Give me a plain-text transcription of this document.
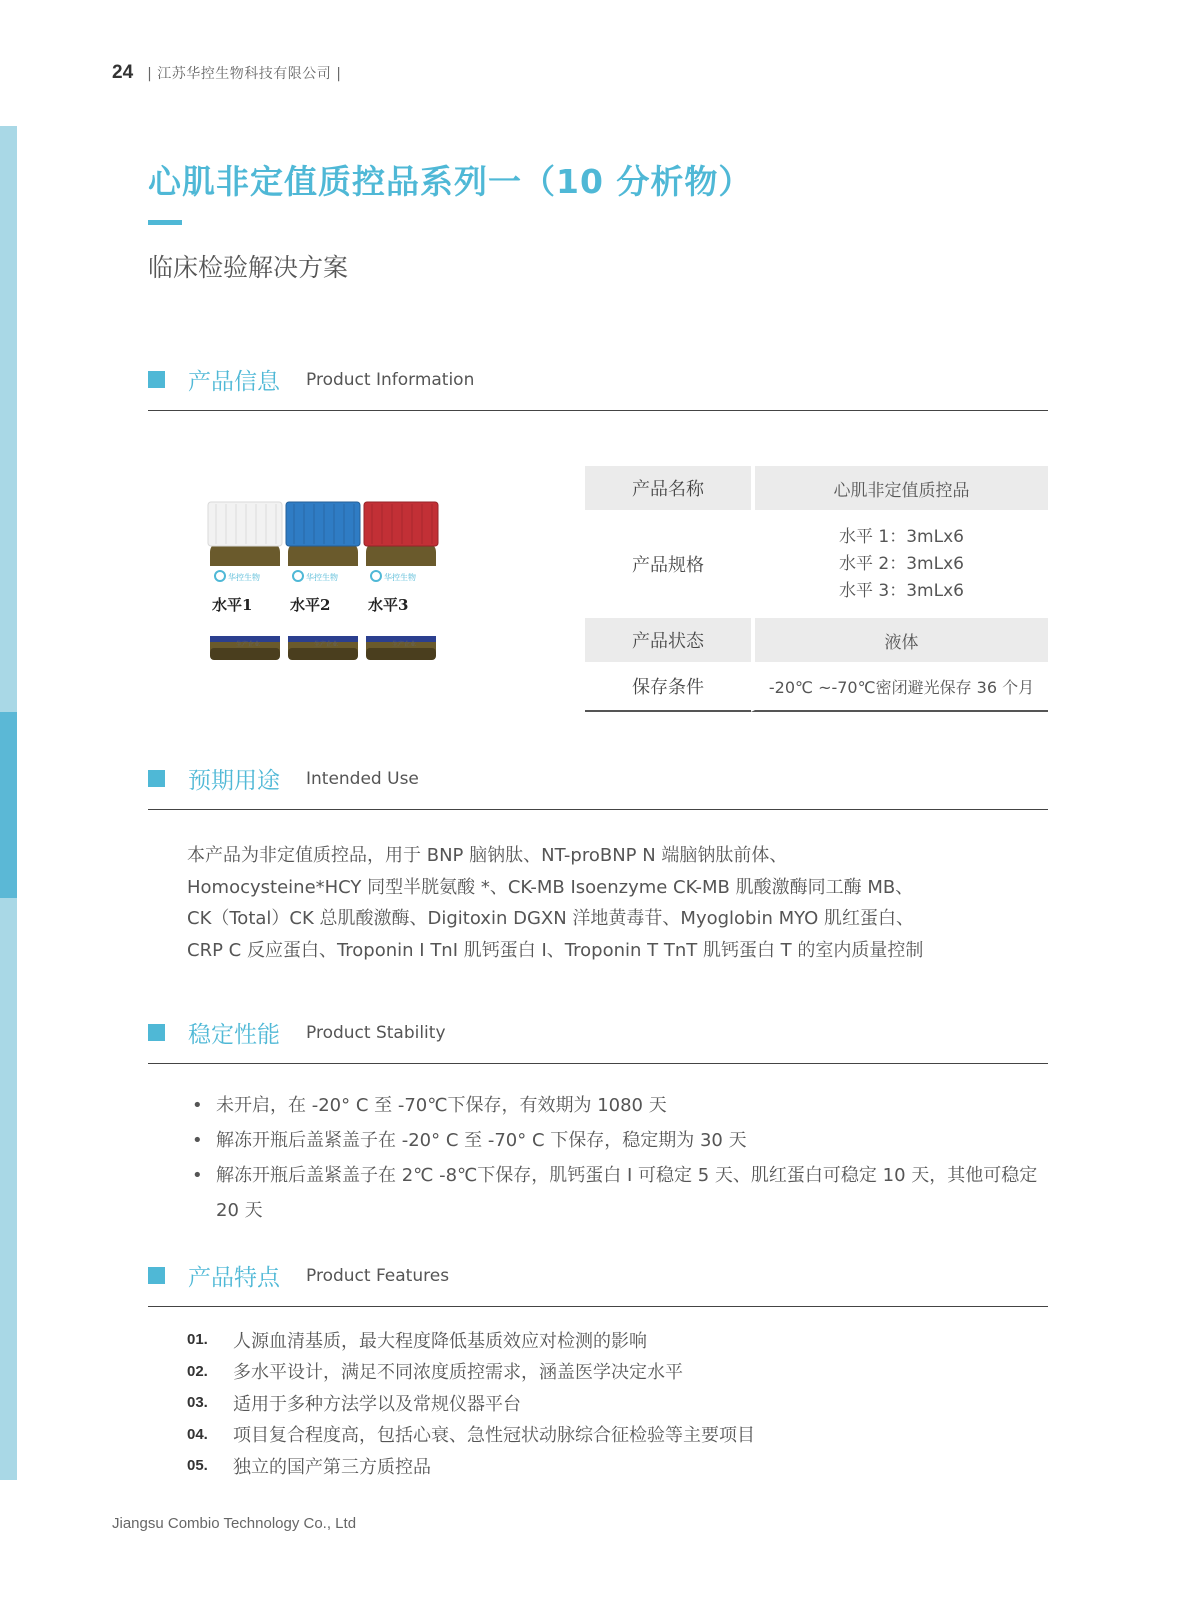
24 | 江苏华控生物科技有限公司 |
心肌非定值质控品系列一（10 分析物）
临床检验解决方案
产品信息 Product Information
华控生物
水平1
生产企业
华控生物
水平2
生产企业
华控生物
水平3
生产企业
产品名称	心肌非定值质控品
产品规格	水平 1：3mLx6
水平 2：3mLx6
水平 3：3mLx6

产品状态	液体
保存条件	-20℃ ~-70℃密闭避光保存 36 个月
预期用途 Intended Use
本产品为非定值质控品，用于 BNP 脑钠肽、NT-proBNP N 端脑钠肽前体、
Homocysteine*HCY 同型半胱氨酸 *、CK-MB Isoenzyme CK-MB 肌酸激酶同工酶 MB、
CK（Total）CK 总肌酸激酶、Digitoxin DGXN 洋地黄毒苷、Myoglobin MYO 肌红蛋白、
CRP C 反应蛋白、Troponin I TnI 肌钙蛋白 I、Troponin T TnT 肌钙蛋白 T 的室内质量控制
稳定性能 Product Stability
• 未开启，在 -20° C 至 -70℃下保存，有效期为 1080 天
• 解冻开瓶后盖紧盖子在 -20° C 至 -70° C 下保存，稳定期为 30 天
• 解冻开瓶后盖紧盖子在 2℃ -8℃下保存，肌钙蛋白 I 可稳定 5 天、肌红蛋白可稳定 10 天，其他可稳定 20 天
产品特点 Product Features
01.	人源血清基质，最大程度降低基质效应对检测的影响
02.	多水平设计，满足不同浓度质控需求，涵盖医学决定水平
03.	适用于多种方法学以及常规仪器平台
04.	项目复合程度高，包括心衰、急性冠状动脉综合征检验等主要项目
05.	独立的国产第三方质控品
Jiangsu Combio Technology Co., Ltd
